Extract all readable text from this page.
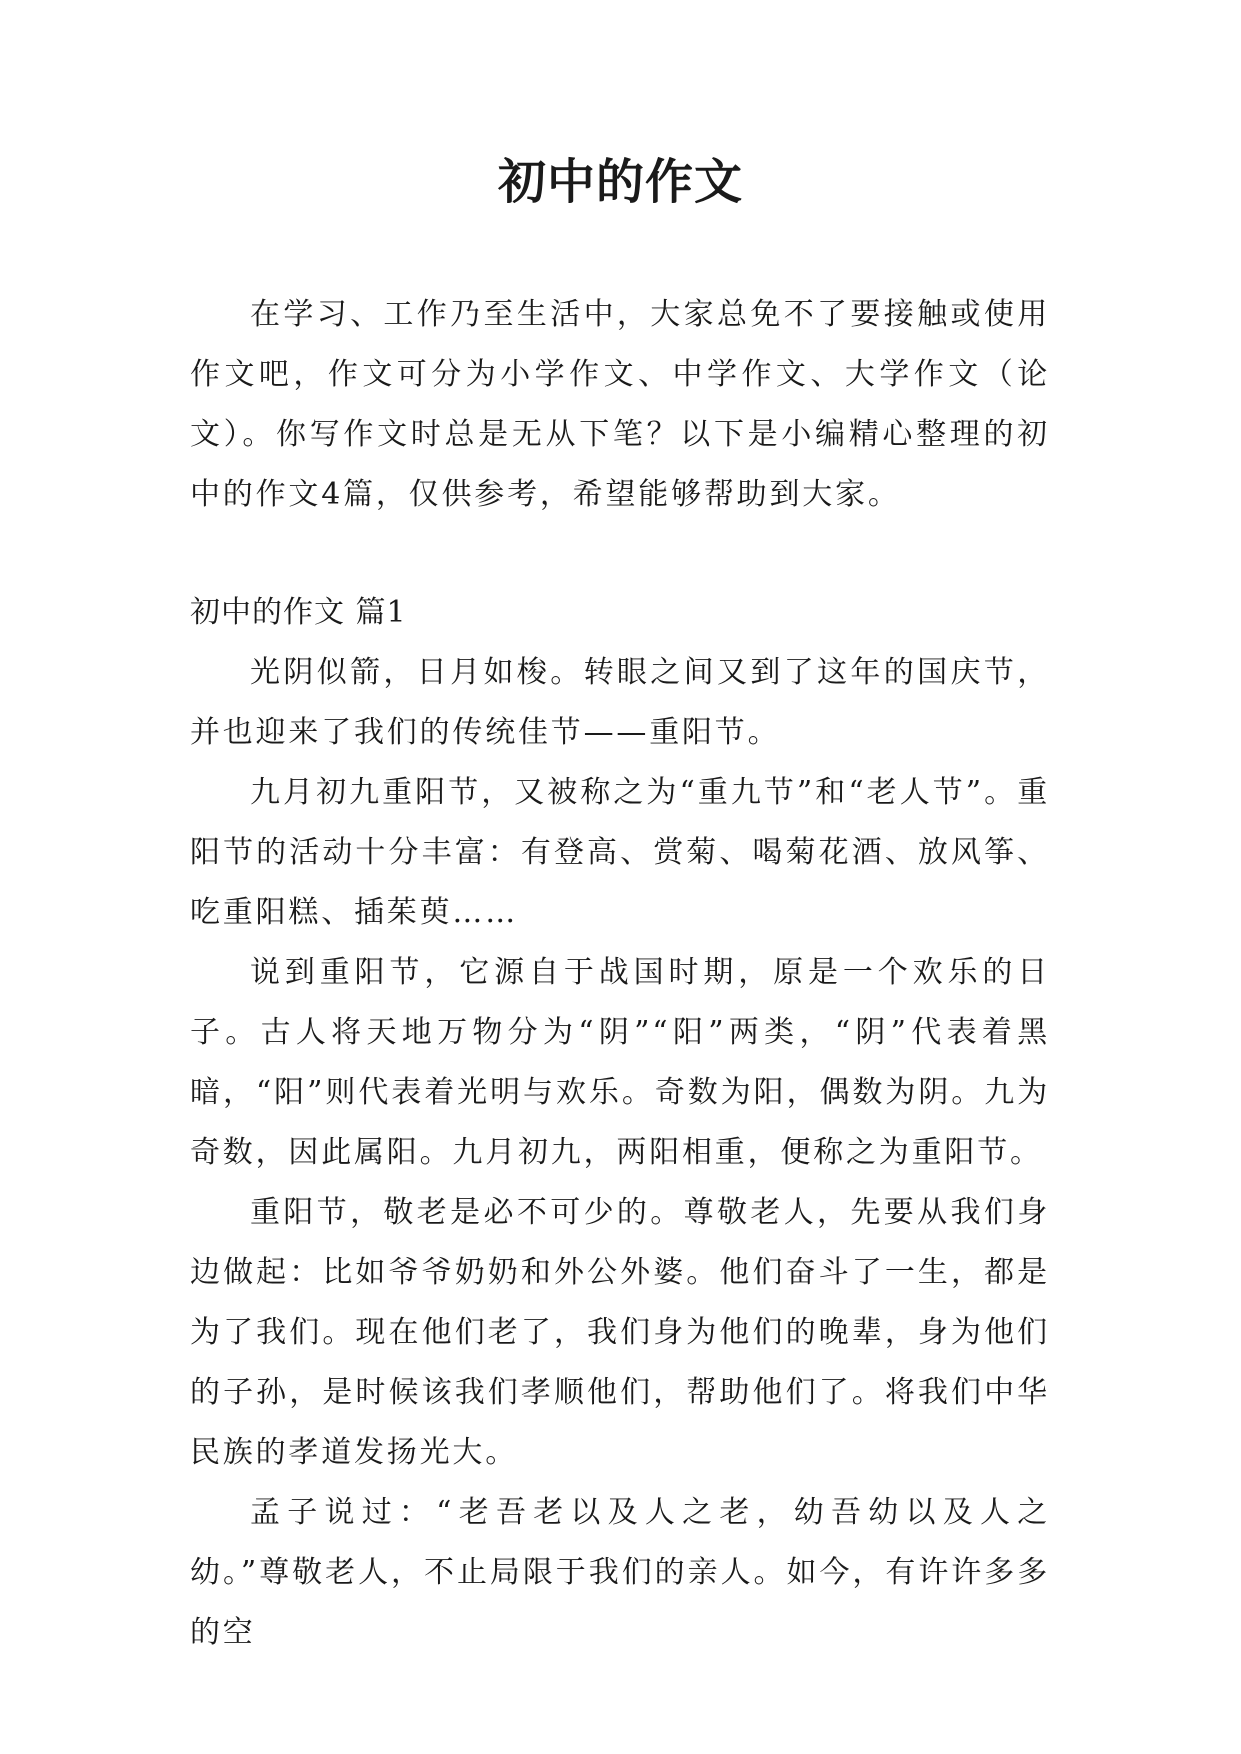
初中的作文

在学习、工作乃至生活中，大家总免不了要接触或使用作文吧，作文可分为小学作文、中学作文、大学作文（论文）。你写作文时总是无从下笔？以下是小编精心整理的初中的作文4篇，仅供参考，希望能够帮助到大家。

初中的作文 篇1

光阴似箭，日月如梭。转眼之间又到了这年的国庆节，并也迎来了我们的传统佳节——重阳节。

九月初九重阳节，又被称之为“重九节”和“老人节”。重阳节的活动十分丰富：有登高、赏菊、喝菊花酒、放风筝、吃重阳糕、插茱萸……

说到重阳节，它源自于战国时期，原是一个欢乐的日子。古人将天地万物分为“阴”“阳”两类，“阴”代表着黑暗，“阳”则代表着光明与欢乐。奇数为阳，偶数为阴。九为奇数，因此属阳。九月初九，两阳相重，便称之为重阳节。

重阳节，敬老是必不可少的。尊敬老人，先要从我们身边做起：比如爷爷奶奶和外公外婆。他们奋斗了一生，都是为了我们。现在他们老了，我们身为他们的晚辈，身为他们的子孙，是时候该我们孝顺他们，帮助他们了。将我们中华民族的孝道发扬光大。

孟子说过：“老吾老以及人之老，幼吾幼以及人之幼。”尊敬老人，不止局限于我们的亲人。如今，有许许多多的空
